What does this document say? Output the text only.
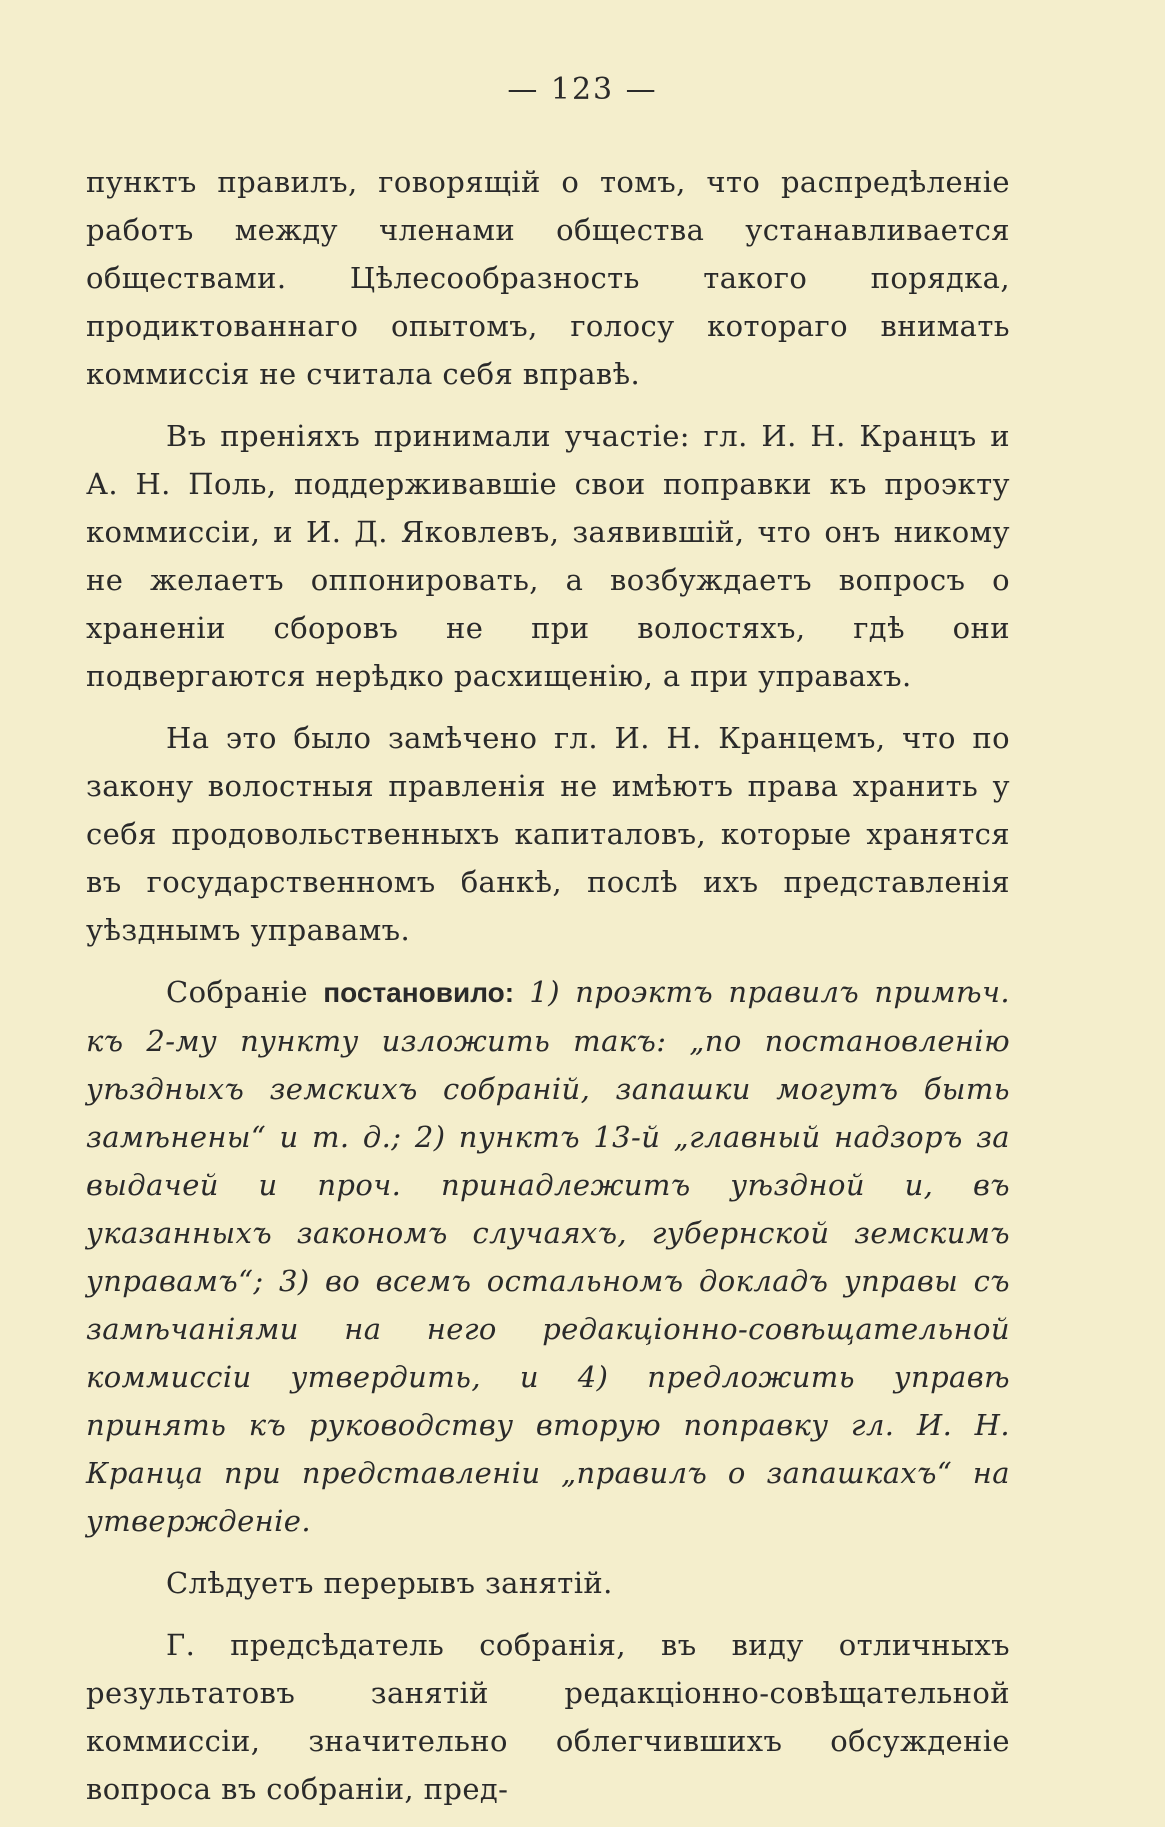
— 123 —

пунктъ правилъ, говорящій о томъ, что распредѣленіе работъ между членами общества устанавливается обществами. Цѣлесообразность такого порядка, продиктованнаго опытомъ, голосу котораго внимать коммиссія не считала себя вправѣ.

Въ преніяхъ принимали участіе: гл. И. Н. Кранцъ и А. Н. Поль, поддерживавшіе свои поправки къ проэкту коммиссіи, и И. Д. Яковлевъ, заявившій, что онъ никому не желаетъ оппонировать, а возбуждаетъ вопросъ о храненіи сборовъ не при волостяхъ, гдѣ они подвергаются нерѣдко расхищенію, а при управахъ.

На это было замѣчено гл. И. Н. Кранцемъ, что по закону волостныя правленія не имѣютъ права хранить у себя продовольственныхъ капиталовъ, которые хранятся въ государственномъ банкѣ, послѣ ихъ представленія уѣзднымъ управамъ.

Собраніе постановило: 1) проэктъ правилъ примѣч. къ 2-му пункту изложить такъ: „по постановленію уѣздныхъ земскихъ собраній, запашки могутъ быть замѣнены“ и т. д.; 2) пунктъ 13-й „главный надзоръ за выдачей и проч. принадлежитъ уѣздной и, въ указанныхъ закономъ случаяхъ, губернской земскимъ управамъ“; 3) во всемъ остальномъ докладъ управы съ замѣчаніями на него редакціонно-совѣщательной коммиссіи утвердить, и 4) предложить управѣ принять къ руководству вторую поправку гл. И. Н. Кранца при представленіи „правилъ о запашкахъ“ на утвержденіе.

Слѣдуетъ перерывъ занятій.

Г. предсѣдатель собранія, въ виду отличныхъ результатовъ занятій редакціонно-совѣщательной коммиссіи, значительно облегчившихъ обсужденіе вопроса въ собраніи, пред-
